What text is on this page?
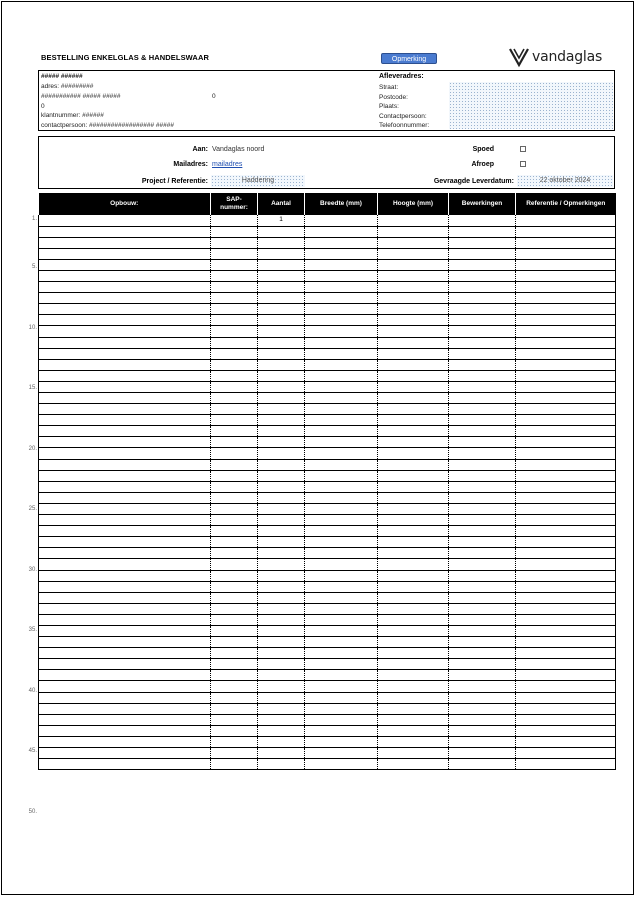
BESTELLING ENKELGLAS & HANDELSWAAR	Opmerking	vandaglas
##### ######
adres: #########
########### ##### #####	0
0
klantnummer: ######
contactpersoon: ################## #####
Afleveradres:
Straat:
Postcode:
Plaats:
Contactpersoon:
Telefoonnummer:
Aan: Vandaglas noord
Mailadres: mailadres
Project / Referentie:	Haddering
Spoed
Afroep
Gevraagde Leverdatum:	22 oktober 2024
Opbouw:	SAP-nummer:	Aantal	Breedte (mm)	Hoogte (mm)	Bewerkingen	Referentie / Opmerkingen
		1				

1.
5.
10.
15.
20.
25.
30.
35.
40.
45.
50.
